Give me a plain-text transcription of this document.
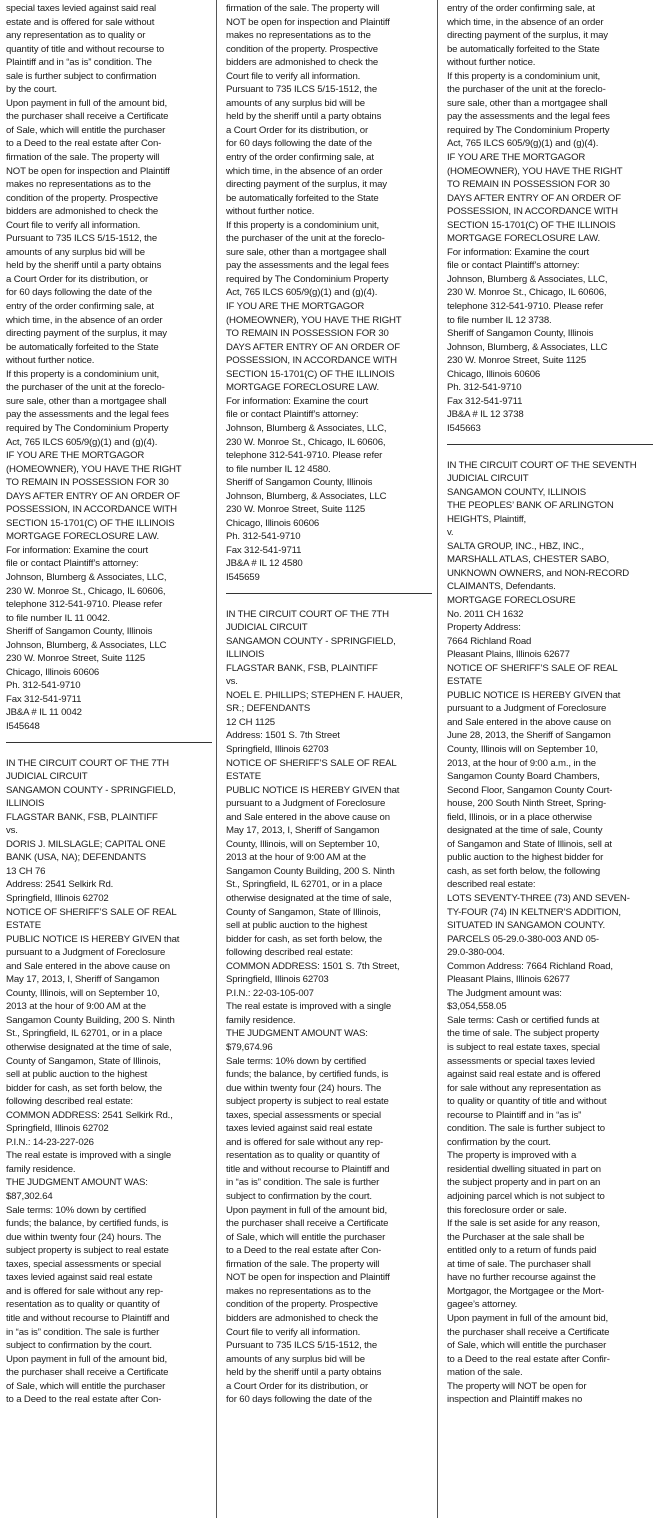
special taxes levied against said real
estate and is offered for sale without
any representation as to quality or
quantity of title and without recourse to
Plaintiff and in “as is” condition. The
sale is further subject to confirmation
by the court.
Upon payment in full of the amount bid,
the purchaser shall receive a Certificate
of Sale, which will entitle the purchaser
to a Deed to the real estate after Con-
firmation of the sale. The property will
NOT be open for inspection and Plaintiff
makes no representations as to the
condition of the property. Prospective
bidders are admonished to check the
Court file to verify all information.
Pursuant to 735 ILCS 5/15-1512, the
amounts of any surplus bid will be
held by the sheriff until a party obtains
a Court Order for its distribution, or
for 60 days following the date of the
entry of the order confirming sale, at
which time, in the absence of an order
directing payment of the surplus, it may
be automatically forfeited to the State
without further notice.
If this property is a condominium unit,
the purchaser of the unit at the foreclo-
sure sale, other than a mortgagee shall
pay the assessments and the legal fees
required by The Condominium Property
Act, 765 ILCS 605/9(g)(1) and (g)(4).
IF YOU ARE THE MORTGAGOR
(HOMEOWNER), YOU HAVE THE RIGHT
TO REMAIN IN POSSESSION FOR 30
DAYS AFTER ENTRY OF AN ORDER OF
POSSESSION, IN ACCORDANCE WITH
SECTION 15-1701(C) OF THE ILLINOIS
MORTGAGE FORECLOSURE LAW.
For information: Examine the court
file or contact Plaintiff’s attorney:
Johnson, Blumberg & Associates, LLC,
230 W. Monroe St., Chicago, IL 60606,
telephone 312-541-9710. Please refer
to file number IL 11 0042.
Sheriff of Sangamon County, Illinois
Johnson, Blumberg, & Associates, LLC
230 W. Monroe Street, Suite 1125
Chicago, Illinois 60606
Ph. 312-541-9710
Fax 312-541-9711
JB&A # IL 11 0042
I545648
IN THE CIRCUIT COURT OF THE 7TH
JUDICIAL CIRCUIT
SANGAMON COUNTY - SPRINGFIELD,
ILLINOIS
FLAGSTAR BANK, FSB, PLAINTIFF
vs.
DORIS J. MILSLAGLE; CAPITAL ONE
BANK (USA, NA); DEFENDANTS
13 CH 76
Address: 2541 Selkirk Rd.
Springfield, Illinois 62702
NOTICE OF SHERIFF’S SALE OF REAL
ESTATE
PUBLIC NOTICE IS HEREBY GIVEN that
pursuant to a Judgment of Foreclosure
and Sale entered in the above cause on
May 17, 2013, I, Sheriff of Sangamon
County, Illinois, will on September 10,
2013 at the hour of 9:00 AM at the
Sangamon County Building, 200 S. Ninth
St., Springfield, IL 62701, or in a place
otherwise designated at the time of sale,
County of Sangamon, State of Illinois,
sell at public auction to the highest
bidder for cash, as set forth below, the
following described real estate:
COMMON ADDRESS: 2541 Selkirk Rd.,
Springfield, Illinois 62702
P.I.N.: 14-23-227-026
The real estate is improved with a single
family residence.
THE JUDGMENT AMOUNT WAS:
$87,302.64
Sale terms: 10% down by certified
funds; the balance, by certified funds, is
due within twenty four (24) hours. The
subject property is subject to real estate
taxes, special assessments or special
taxes levied against said real estate
and is offered for sale without any rep-
resentation as to quality or quantity of
title and without recourse to Plaintiff and
in “as is” condition. The sale is further
subject to confirmation by the court.
Upon payment in full of the amount bid,
the purchaser shall receive a Certificate
of Sale, which will entitle the purchaser
to a Deed to the real estate after Con-
firmation of the sale. The property will
NOT be open for inspection and Plaintiff
makes no representations as to the
condition of the property. Prospective
bidders are admonished to check the
Court file to verify all information.
Pursuant to 735 ILCS 5/15-1512, the
amounts of any surplus bid will be
held by the sheriff until a party obtains
a Court Order for its distribution, or
for 60 days following the date of the
entry of the order confirming sale, at
which time, in the absence of an order
directing payment of the surplus, it may
be automatically forfeited to the State
without further notice.
If this property is a condominium unit,
the purchaser of the unit at the foreclo-
sure sale, other than a mortgagee shall
pay the assessments and the legal fees
required by The Condominium Property
Act, 765 ILCS 605/9(g)(1) and (g)(4).
IF YOU ARE THE MORTGAGOR
(HOMEOWNER), YOU HAVE THE RIGHT
TO REMAIN IN POSSESSION FOR 30
DAYS AFTER ENTRY OF AN ORDER OF
POSSESSION, IN ACCORDANCE WITH
SECTION 15-1701(C) OF THE ILLINOIS
MORTGAGE FORECLOSURE LAW.
For information: Examine the court
file or contact Plaintiff’s attorney:
Johnson, Blumberg & Associates, LLC,
230 W. Monroe St., Chicago, IL 60606,
telephone 312-541-9710. Please refer
to file number IL 12 4580.
Sheriff of Sangamon County, Illinois
Johnson, Blumberg, & Associates, LLC
230 W. Monroe Street, Suite 1125
Chicago, Illinois 60606
Ph. 312-541-9710
Fax 312-541-9711
JB&A # IL 12 4580
I545659
IN THE CIRCUIT COURT OF THE 7TH
JUDICIAL CIRCUIT
SANGAMON COUNTY - SPRINGFIELD,
ILLINOIS
FLAGSTAR BANK, FSB, PLAINTIFF
vs.
NOEL E. PHILLIPS; STEPHEN F. HAUER,
SR.; DEFENDANTS
12 CH 1125
Address: 1501 S. 7th Street
Springfield, Illinois 62703
NOTICE OF SHERIFF’S SALE OF REAL
ESTATE
PUBLIC NOTICE IS HEREBY GIVEN that
pursuant to a Judgment of Foreclosure
and Sale entered in the above cause on
May 17, 2013, I, Sheriff of Sangamon
County, Illinois, will on September 10,
2013 at the hour of 9:00 AM at the
Sangamon County Building, 200 S. Ninth
St., Springfield, IL 62701, or in a place
otherwise designated at the time of sale,
County of Sangamon, State of Illinois,
sell at public auction to the highest
bidder for cash, as set forth below, the
following described real estate:
COMMON ADDRESS: 1501 S. 7th Street,
Springfield, Illinois 62703
P.I.N.: 22-03-105-007
The real estate is improved with a single
family residence.
THE JUDGMENT AMOUNT WAS:
$79,674.96
Sale terms: 10% down by certified
funds; the balance, by certified funds, is
due within twenty four (24) hours. The
subject property is subject to real estate
taxes, special assessments or special
taxes levied against said real estate
and is offered for sale without any rep-
resentation as to quality or quantity of
title and without recourse to Plaintiff and
in “as is” condition. The sale is further
subject to confirmation by the court.
Upon payment in full of the amount bid,
the purchaser shall receive a Certificate
of Sale, which will entitle the purchaser
to a Deed to the real estate after Con-
firmation of the sale. The property will
NOT be open for inspection and Plaintiff
makes no representations as to the
condition of the property. Prospective
bidders are admonished to check the
Court file to verify all information.
Pursuant to 735 ILCS 5/15-1512, the
amounts of any surplus bid will be
held by the sheriff until a party obtains
a Court Order for its distribution, or
for 60 days following the date of the
entry of the order confirming sale, at
which time, in the absence of an order
directing payment of the surplus, it may
be automatically forfeited to the State
without further notice.
If this property is a condominium unit,
the purchaser of the unit at the foreclo-
sure sale, other than a mortgagee shall
pay the assessments and the legal fees
required by The Condominium Property
Act, 765 ILCS 605/9(g)(1) and (g)(4).
IF YOU ARE THE MORTGAGOR
(HOMEOWNER), YOU HAVE THE RIGHT
TO REMAIN IN POSSESSION FOR 30
DAYS AFTER ENTRY OF AN ORDER OF
POSSESSION, IN ACCORDANCE WITH
SECTION 15-1701(C) OF THE ILLINOIS
MORTGAGE FORECLOSURE LAW.
For information: Examine the court
file or contact Plaintiff’s attorney:
Johnson, Blumberg & Associates, LLC,
230 W. Monroe St., Chicago, IL 60606,
telephone 312-541-9710. Please refer
to file number IL 12 3738.
Sheriff of Sangamon County, Illinois
Johnson, Blumberg, & Associates, LLC
230 W. Monroe Street, Suite 1125
Chicago, Illinois 60606
Ph. 312-541-9710
Fax 312-541-9711
JB&A # IL 12 3738
I545663
IN THE CIRCUIT COURT OF THE SEVENTH
JUDICIAL CIRCUIT
SANGAMON COUNTY, ILLINOIS
THE PEOPLES’ BANK OF ARLINGTON
HEIGHTS, Plaintiff,
v.
SALTA GROUP, INC., HBZ, INC.,
MARSHALL ATLAS, CHESTER SABO,
UNKNOWN OWNERS, and NON-RECORD
CLAIMANTS, Defendants.
MORTGAGE FORECLOSURE
No. 2011 CH 1632
Property Address:
7664 Richland Road
Pleasant Plains, Illinois 62677
NOTICE OF SHERIFF’S SALE OF REAL
ESTATE
PUBLIC NOTICE IS HEREBY GIVEN that
pursuant to a Judgment of Foreclosure
and Sale entered in the above cause on
June 28, 2013, the Sheriff of Sangamon
County, Illinois will on September 10,
2013, at the hour of 9:00 a.m., in the
Sangamon County Board Chambers,
Second Floor, Sangamon County Court-
house, 200 South Ninth Street, Spring-
field, Illinois, or in a place otherwise
designated at the time of sale, County
of Sangamon and State of Illinois, sell at
public auction to the highest bidder for
cash, as set forth below, the following
described real estate:
LOTS SEVENTY-THREE (73) AND SEVEN-
TY-FOUR (74) IN KELTNER’S ADDITION,
SITUATED IN SANGAMON COUNTY.
PARCELS 05-29.0-380-003 AND 05-
29.0-380-004.
Common Address: 7664 Richland Road,
Pleasant Plains, Illinois 62677
The Judgment amount was:
$3,054,558.05
Sale terms: Cash or certified funds at
the time of sale. The subject property
is subject to real estate taxes, special
assessments or special taxes levied
against said real estate and is offered
for sale without any representation as
to quality or quantity of title and without
recourse to Plaintiff and in “as is”
condition. The sale is further subject to
confirmation by the court.
The property is improved with a
residential dwelling situated in part on
the subject property and in part on an
adjoining parcel which is not subject to
this foreclosure order or sale.
If the sale is set aside for any reason,
the Purchaser at the sale shall be
entitled only to a return of funds paid
at time of sale. The purchaser shall
have no further recourse against the
Mortgagor, the Mortgagee or the Mort-
gagee’s attorney.
Upon payment in full of the amount bid,
the purchaser shall receive a Certificate
of Sale, which will entitle the purchaser
to a Deed to the real estate after Confir-
mation of the sale.
The property will NOT be open for
inspection and Plaintiff makes no
